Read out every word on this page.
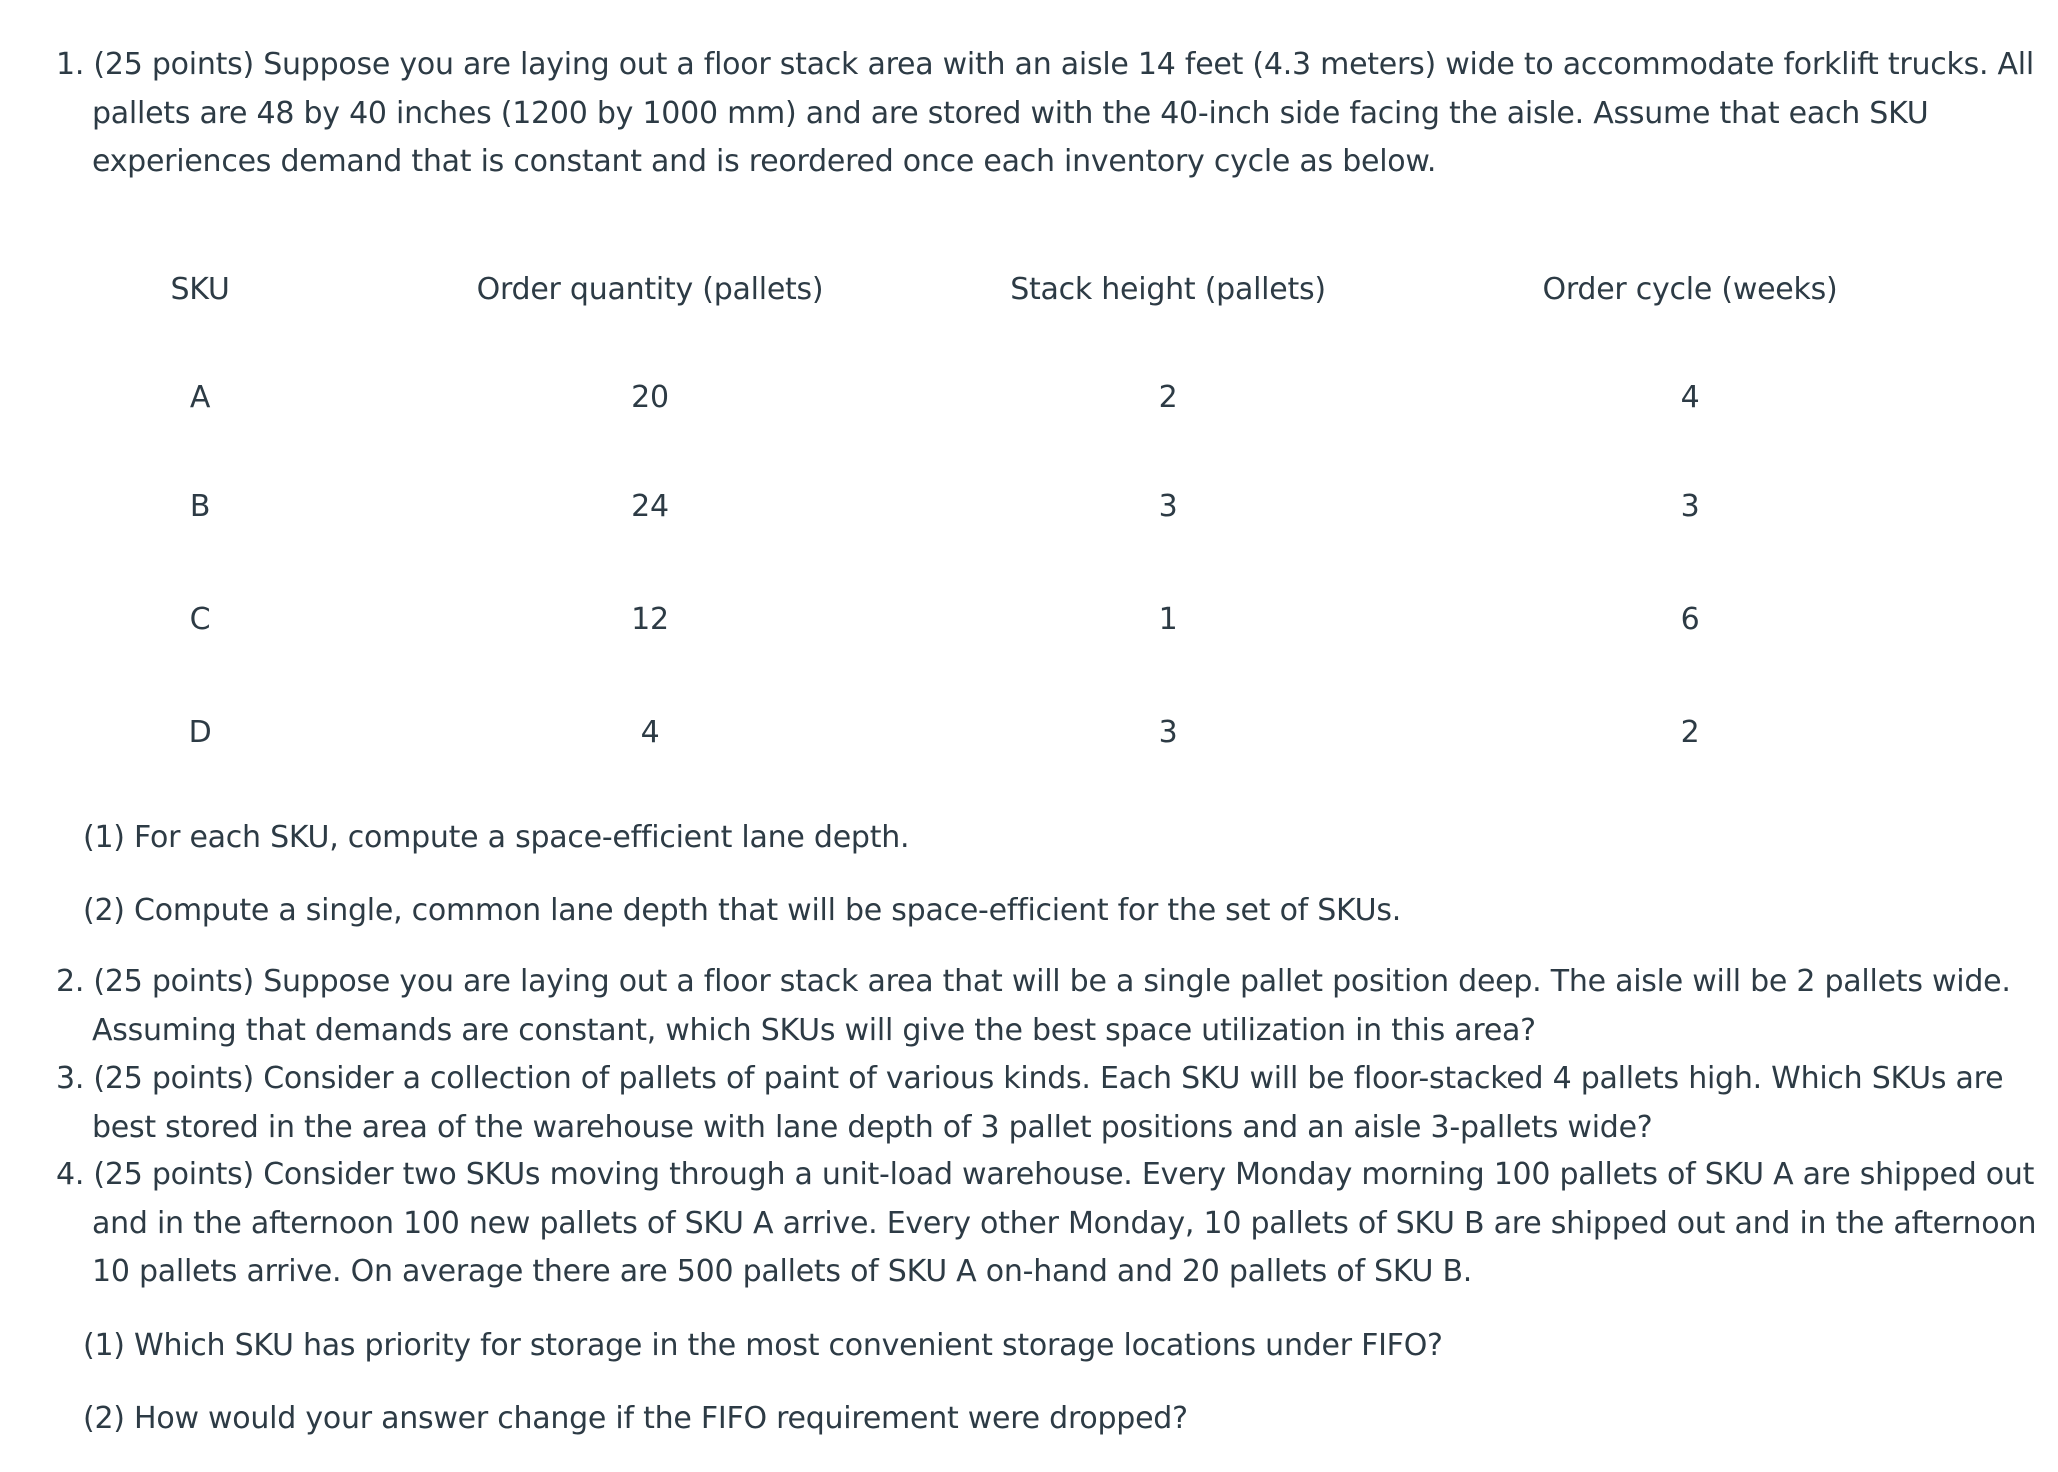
1. (25 points) Suppose you are laying out a floor stack area with an aisle 14 feet (4.3 meters) wide to accommodate forklift trucks. All pallets are 48 by 40 inches (1200 by 1000 mm) and are stored with the 40-inch side facing the aisle. Assume that each SKU experiences demand that is constant and is reordered once each inventory cycle as below.
SKU	Order quantity (pallets)	Stack height (pallets)	Order cycle (weeks)
A	20	2	4
B	24	3	3
C	12	1	6
D	4	3	2
(1) For each SKU, compute a space-efficient lane depth.
(2) Compute a single, common lane depth that will be space-efficient for the set of SKUs.
2. (25 points) Suppose you are laying out a floor stack area that will be a single pallet position deep. The aisle will be 2 pallets wide. Assuming that demands are constant, which SKUs will give the best space utilization in this area?
3. (25 points) Consider a collection of pallets of paint of various kinds. Each SKU will be floor-stacked 4 pallets high. Which SKUs are best stored in the area of the warehouse with lane depth of 3 pallet positions and an aisle 3-pallets wide?
4. (25 points) Consider two SKUs moving through a unit-load warehouse. Every Monday morning 100 pallets of SKU A are shipped out and in the afternoon 100 new pallets of SKU A arrive. Every other Monday, 10 pallets of SKU B are shipped out and in the afternoon 10 pallets arrive. On average there are 500 pallets of SKU A on-hand and 20 pallets of SKU B.
(1) Which SKU has priority for storage in the most convenient storage locations under FIFO?
(2) How would your answer change if the FIFO requirement were dropped?
